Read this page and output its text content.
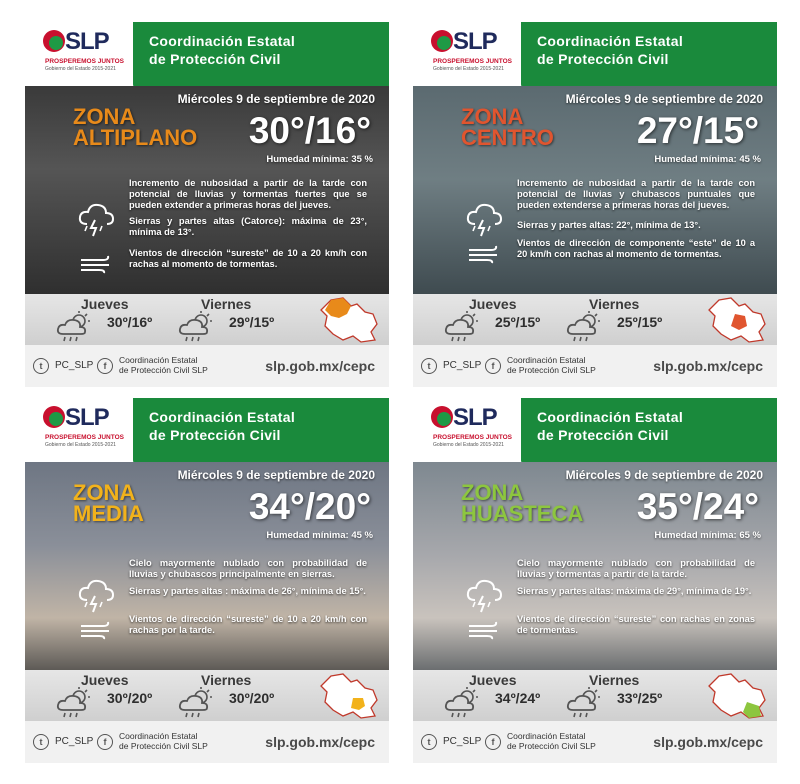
SLP
PROSPEREMOS JUNTOS
Gobierno del Estado 2015-2021
Coordinación Estatal
de Protección Civil
Miércoles 9 de septiembre de 2020
ZONA
ALTIPLANO 30°/16°
Humedad mínima: 35 %
Incremento de nubosidad a partir de la tarde con potencial de lluvias y tormentas fuertes que se pueden extender a primeras horas del jueves.
Sierras y partes altas (Catorce): máxima de 23°, mínima de 13°.
Vientos de dirección “sureste” de 10 a 20 km/h con rachas al momento de tormentas.
Jueves
30º/16º
Viernes
29º/15º
t	PC_SLP	f
Coordinación Estatal
de Protección Civil SLP	slp.gob.mx/cepc
SLP
PROSPEREMOS JUNTOS
Gobierno del Estado 2015-2021
Coordinación Estatal
de Protección Civil
Miércoles 9 de septiembre de 2020
ZONA
CENTRO 27°/15°
Humedad mínima: 45 %
Incremento de nubosidad a partir de la tarde con potencial de lluvias y chubascos puntuales que pueden extenderse a primeras horas del jueves.
Sierras y partes altas: 22°, mínima de 13°.
Vientos de dirección de componente “este” de 10 a 20 km/h con rachas al momento de tormentas.
Jueves
25º/15º
Viernes
25º/15º
t	PC_SLP	f
Coordinación Estatal
de Protección Civil SLP	slp.gob.mx/cepc
SLP
PROSPEREMOS JUNTOS
Gobierno del Estado 2015-2021
Coordinación Estatal
de Protección Civil
Miércoles 9 de septiembre de 2020
ZONA
MEDIA	34°/20°
Humedad mínima: 45 %
Cielo mayormente nublado con probabilidad de lluvias y chubascos principalmente en sierras.
Sierras y partes altas : máxima de 26°, mínima de 15°.
Vientos de dirección “sureste” de 10 a 20 km/h con rachas por la tarde.
Jueves
30º/20º
Viernes
30º/20º
t	PC_SLP	f
Coordinación Estatal
de Protección Civil SLP	slp.gob.mx/cepc
SLP
PROSPEREMOS JUNTOS
Gobierno del Estado 2015-2021
Coordinación Estatal
de Protección Civil
Miércoles 9 de septiembre de 2020
ZONA
HUASTECA 35°/24°
Humedad mínima: 65 %
Cielo mayormente nublado con probabilidad de lluvias y tormentas a partir de la tarde.
Sierras y partes altas: máxima de 29°, mínima de 19°.
Vientos de dirección “sureste” con rachas en zonas de tormentas.
Jueves
34º/24º
Viernes
33º/25º
t	PC_SLP	f
Coordinación Estatal
de Protección Civil SLP	slp.gob.mx/cepc
